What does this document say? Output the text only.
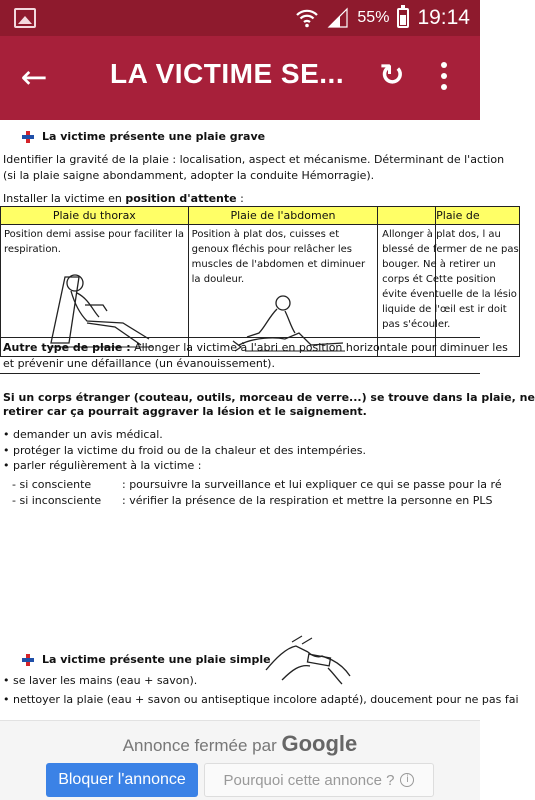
55% 19:14
← LA VICTIME SE... ↻
La victime présente une plaie grave
Identifier la gravité de la plaie : localisation, aspect et mécanisme. Déterminant de l'action
(si la plaie saigne abondamment, adopter la conduite Hémorragie).
Installer la victime en position d'attente :
Plaie du thorax	Plaie de l'abdomen		Plaie de

Position demi assise pour faciliter la respiration.	Position à plat dos, cuisses et genoux fléchis pour relâcher les muscles de l'abdomen et diminuer la douleur.		Allonger à plat dos, l au blessé de fermer de ne pas bouger. Ne à retirer un corps ét Cette position évite éventuelle de la lésio liquide de l'œil est ir doit pas s'écouler.
Autre type de plaie : Allonger la victime à l'abri en position horizontale pour diminuer les
et prévenir une défaillance (un évanouissement).
Si un corps étranger (couteau, outils, morceau de verre...) se trouve dans la plaie, ne
retirer car ça pourrait aggraver la lésion et le saignement.
• demander un avis médical.
• protéger la victime du froid ou de la chaleur et des intempéries.
• parler régulièrement à la victime :
- si consciente	: poursuivre la surveillance et lui expliquer ce qui se passe pour la ré
- si inconsciente : vérifier la présence de la respiration et mettre la personne en PLS
La victime présente une plaie simple
• se laver les mains (eau + savon).
• nettoyer la plaie (eau + savon ou antiseptique incolore adapté), doucement pour ne pas fai
Annonce fermée par Google
Bloquer l'annonce	Pourquoi cette annonce ?	i
